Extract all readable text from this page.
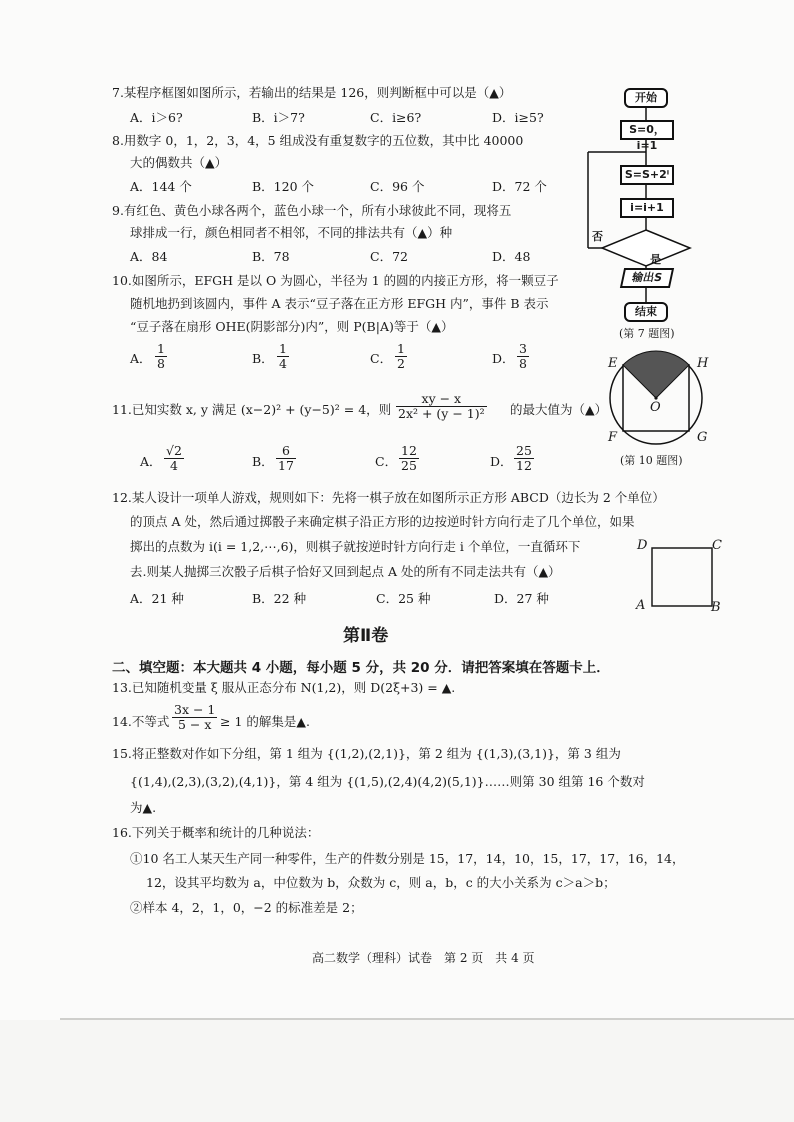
7.某程序框图如图所示，若输出的结果是 126，则判断框中可以是（▲）
A．i＞6?	B．i＞7?	C．i≥6?	D．i≥5?
8.用数字 0，1，2，3，4，5 组成没有重复数字的五位数，其中比 40000
大的偶数共（▲）
A．144 个	B．120 个	C．96 个	D．72 个
9.有红色、黄色小球各两个，蓝色小球一个，所有小球彼此不同，现将五
球排成一行，颜色相同者不相邻，不同的排法共有（▲）种
A．84	B．78	C．72	D．48
10.如图所示，EFGH 是以 O 为圆心，半径为 1 的圆的内接正方形，将一颗豆子
随机地扔到该圆内，事件 A 表示“豆子落在正方形 EFGH 内”，事件 B 表示
“豆子落在扇形 OHE(阴影部分)内”，则 P(B|A)等于（▲）
A． $\frac{1}{8}$	B． $\frac{1}{4}$	C． $\frac{1}{2}$	D． $\frac{3}{8}$
11.已知实数 x, y 满足 (x−2)² + (y−5)² = 4，则 $\frac{xy - x}{\text{2x² + (y − 1)²}}$ 的最大值为（▲）
A． $\frac{√2}{4}$	B． $\frac{6}{17}$	C． $\frac{12}{25}$	D． $\frac{25}{12}$
12.某人设计一项单人游戏，规则如下：先将一棋子放在如图所示正方形 ABCD（边长为 2 个单位）
的顶点 A 处，然后通过掷骰子来确定棋子沿正方形的边按逆时针方向行走了几个单位，如果
掷出的点数为 i(i = 1,2,⋯,6)，则棋子就按逆时针方向行走 i 个单位，一直循环下
去.则某人抛掷三次骰子后棋子恰好又回到起点 A 处的所有不同走法共有（▲）
A．21 种	B．22 种	C．25 种	D．27 种
D	C
A	B
第Ⅱ卷
二、填空题：本大题共 4 小题，每小题 5 分，共 20 分．请把答案填在答题卡上．
13.已知随机变量 ξ 服从正态分布 N(1,2)，则 D(2ξ+3) = ▲.
14.不等式 $\frac{3x - 1}{5 - x} \ge 1$ 的解集是▲.
15.将正整数对作如下分组，第 1 组为 {(1,2),(2,1)}，第 2 组为 {(1,3),(3,1)}，第 3 组为
{(1,4),(2,3),(3,2),(4,1)}，第 4 组为 {(1,5),(2,4)(4,2)(5,1)}……则第 30 组第 16 个数对
为▲.
16.下列关于概率和统计的几种说法：
①10 名工人某天生产同一种零件，生产的件数分别是 15，17，14，10，15，17，17，16，14，
12，设其平均数为 a，中位数为 b，众数为 c，则 a，b，c 的大小关系为 c＞a＞b；
②样本 4，2，1，0，−2 的标准差是 2；
开始
S=0，i=1
S=S+2ⁱ
i=i+1
否
是
输出S
结束
(第 7 题图)
E	H
O
F	G
(第 10 题图)
高二数学（理科）试卷　第 2 页　共 4 页
